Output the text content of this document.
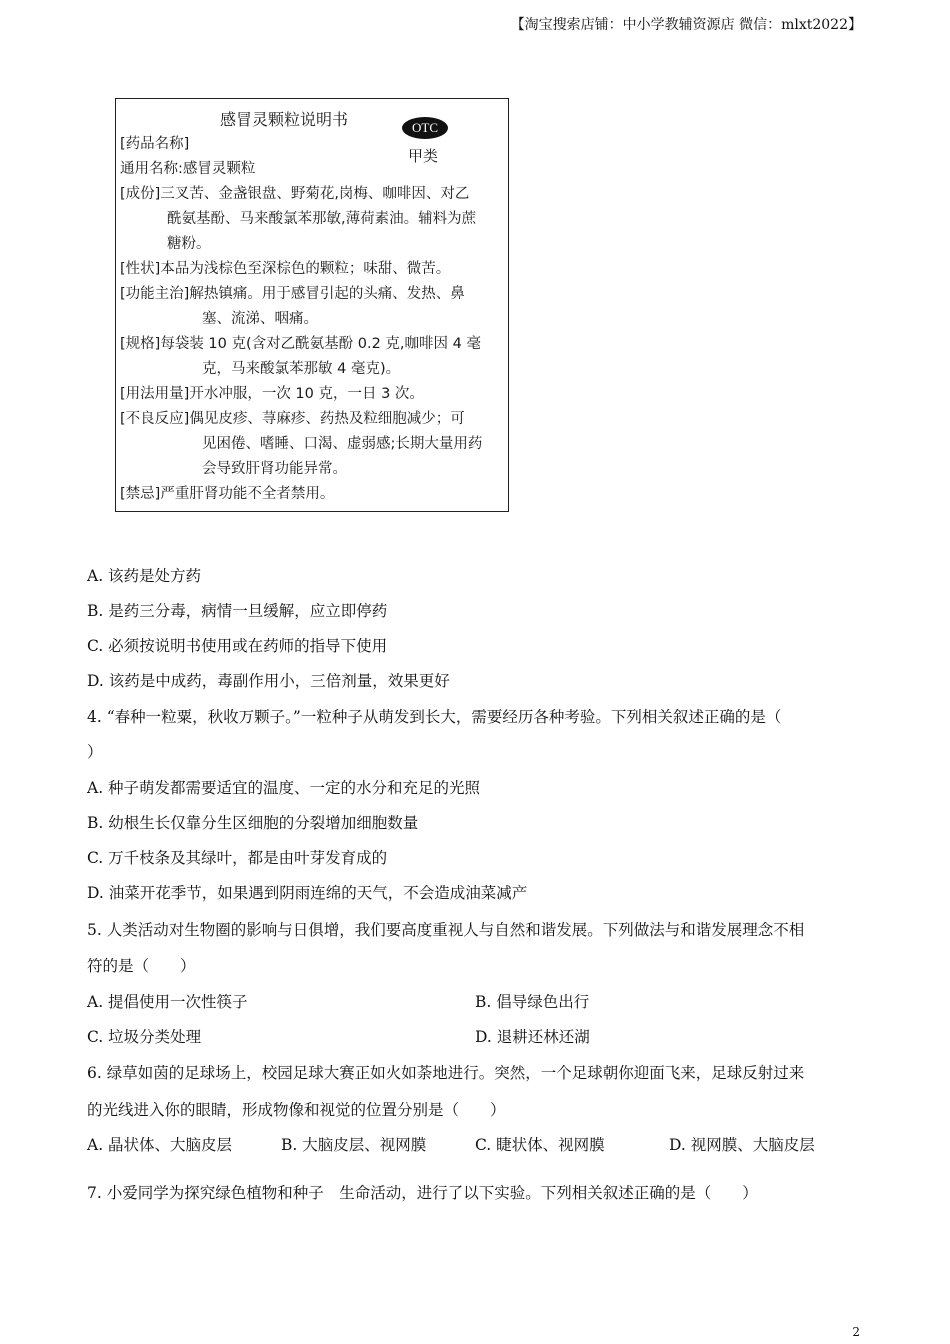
【淘宝搜索店铺：中小学教辅资源店 微信：mlxt2022】
感冒灵颗粒说明书	OTC
甲类
[药品名称]
通用名称:感冒灵颗粒
[成份]三叉苦、金盏银盘、野菊花,岗梅、咖啡因、对乙
酰氨基酚、马来酸氯苯那敏,薄荷素油。辅料为蔗
糖粉。
[性状]本品为浅棕色至深棕色的颗粒；味甜、微苦。
[功能主治]解热镇痛。用于感冒引起的头痛、发热、鼻
塞、流涕、咽痛。
[规格]每袋装 10 克(含对乙酰氨基酚 0.2 克,咖啡因 4 毫
克，马来酸氯苯那敏 4 毫克)。
[用法用量]开水冲服，一次 10 克，一日 3 次。
[不良反应]偶见皮疹、荨麻疹、药热及粒细胞减少；可
见困倦、嗜睡、口渴、虚弱感;长期大量用药
会导致肝肾功能异常。
[禁忌]严重肝肾功能不全者禁用。
A. 该药是处方药
B. 是药三分毒，病情一旦缓解，应立即停药
C. 必须按说明书使用或在药师的指导下使用
D. 该药是中成药，毒副作用小，三倍剂量，效果更好
4. “春种一粒粟，秋收万颗子。”一粒种子从萌发到长大，需要经历各种考验。下列相关叙述正确的是（
）
A. 种子萌发都需要适宜的温度、一定的水分和充足的光照
B. 幼根生长仅靠分生区细胞的分裂增加细胞数量
C. 万千枝条及其绿叶，都是由叶芽发育成的
D. 油菜开花季节，如果遇到阴雨连绵的天气，不会造成油菜减产
5. 人类活动对生物圈的影响与日俱增，我们要高度重视人与自然和谐发展。下列做法与和谐发展理念不相
符的是（　　）
A. 提倡使用一次性筷子	B. 倡导绿色出行
C. 垃圾分类处理	D. 退耕还林还湖
6. 绿草如茵的足球场上，校园足球大赛正如火如荼地进行。突然，一个足球朝你迎面飞来，足球反射过来
的光线进入你的眼睛，形成物像和视觉的位置分别是（　　）
A. 晶状体、大脑皮层	B. 大脑皮层、视网膜	C. 睫状体、视网膜	D. 视网膜、大脑皮层
7. 小爱同学为探究绿色植物和种子　生命活动，进行了以下实验。下列相关叙述正确的是（　　）
2
